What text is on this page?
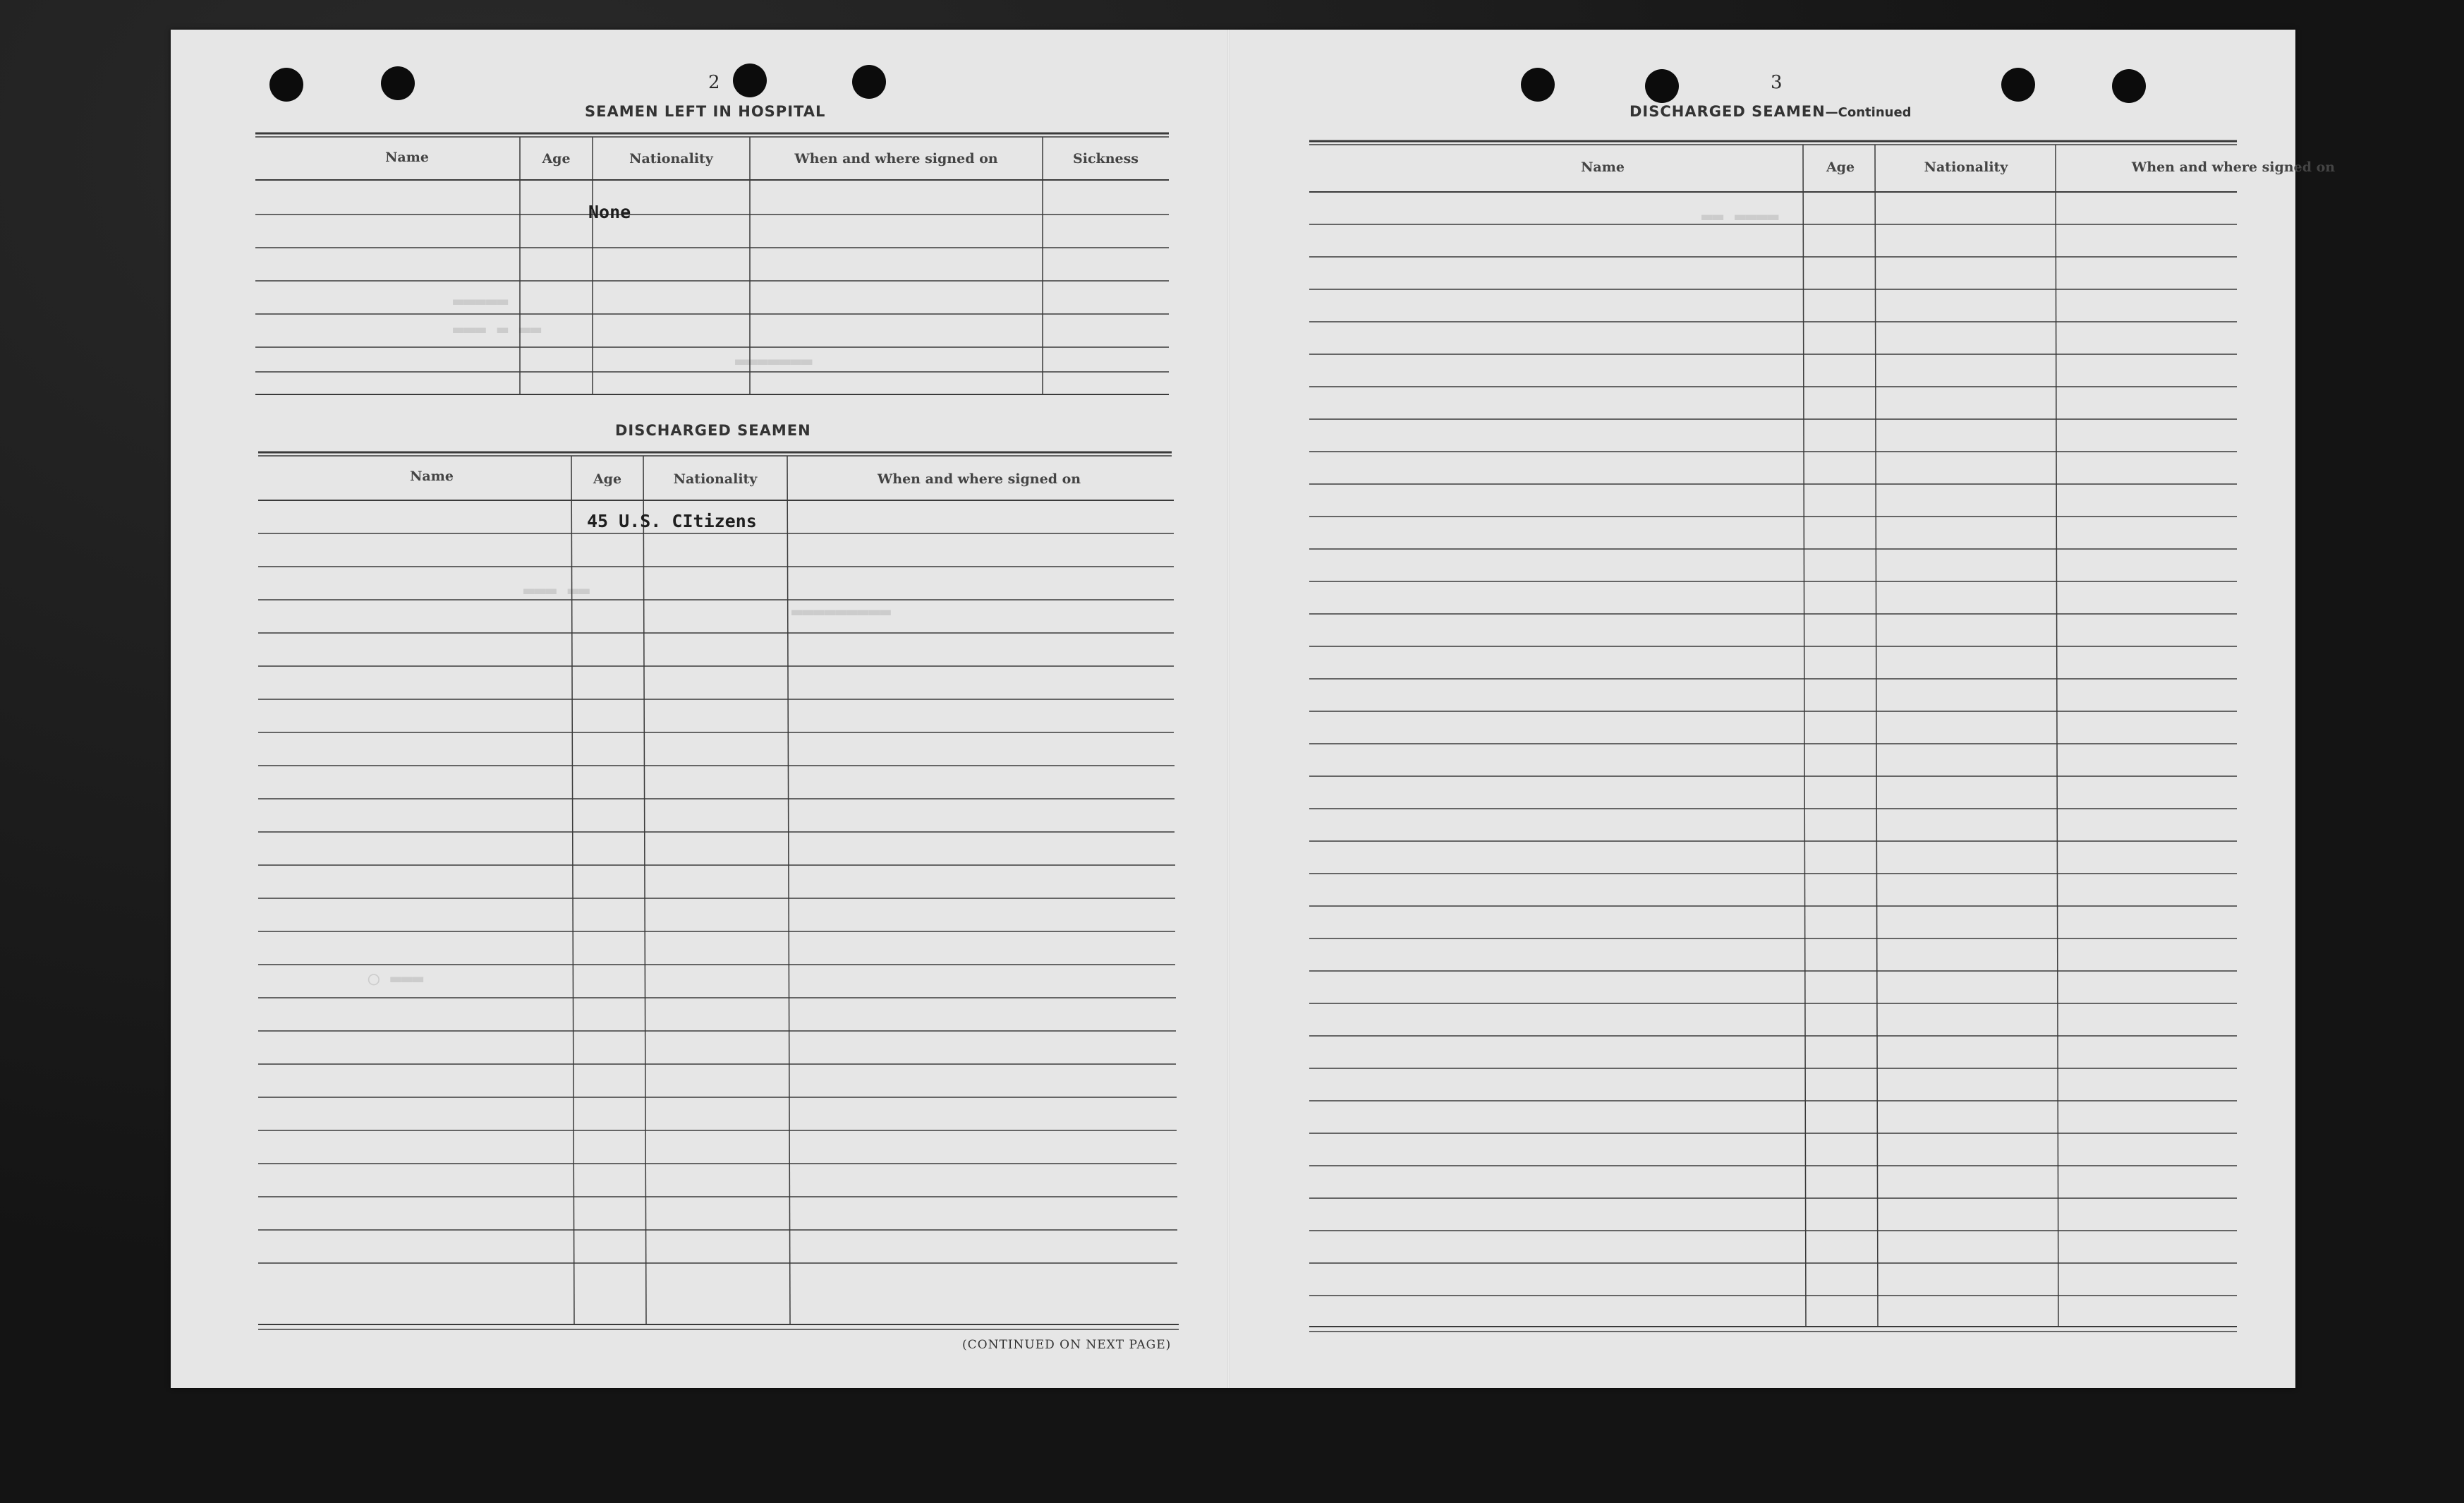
▬▬▬▬▬
▬▬▬ ▬ ▬▬
▬▬▬▬▬▬▬
▬▬▬ ▬▬
▬▬▬▬▬▬▬▬▬
◯ ▬▬▬
▬▬ ▬▬▬▬
2
SEAMEN LEFT IN HOSPITAL
Name	Age	Nationality	When and where signed on	Sickness
None
DISCHARGED SEAMEN
Name	Age	Nationality	When and where signed on
45 U.S. CItizens
(CONTINUED ON NEXT PAGE)
3
DISCHARGED SEAMEN—Continued
Name	Age	Nationality	When and where signed on
